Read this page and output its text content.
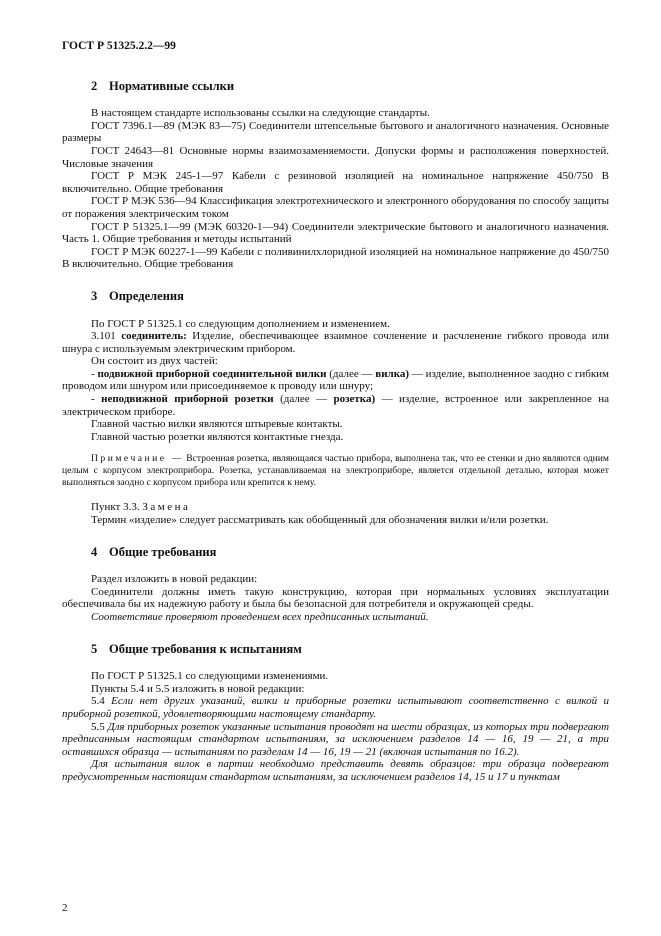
ГОСТ Р 51325.2.2—99
2 Нормативные ссылки

В настоящем стандарте использованы ссылки на следующие стандарты.

ГОСТ 7396.1—89 (МЭК 83—75) Соединители штепсельные бытового и аналогичного назначения. Основные размеры

ГОСТ 24643—81 Основные нормы взаимозаменяемости. Допуски формы и расположения поверхностей. Числовые значения

ГОСТ Р МЭК 245-1—97 Кабели с резиновой изоляцией на номинальное напряжение 450/750 В включительно. Общие требования

ГОСТ Р МЭК 536—94 Классификация электротехнического и электронного оборудования по способу защиты от поражения электрическим током

ГОСТ Р 51325.1—99 (МЭК 60320-1—94) Соединители электрические бытового и аналогичного назначения. Часть 1. Общие требования и методы испытаний

ГОСТ Р МЭК 60227-1—99 Кабели с поливинилхлоридной изоляцией на номинальное напряжение до 450/750 В включительно. Общие требования

3 Определения

По ГОСТ Р 51325.1 со следующим дополнением и изменением.

3.101 соединитель: Изделие, обеспечивающее взаимное сочленение и расчленение гибкого провода или шнура с используемым электрическим прибором.

Он состоит из двух частей:

- подвижной приборной соединительной вилки (далее — вилка) — изделие, выполненное заодно с гибким проводом или шнуром или присоединяемое к проводу или шнуру;

- неподвижной приборной розетки (далее — розетка) — изделие, встроенное или закрепленное на электрическом приборе.

Главной частью вилки являются штыревые контакты.

Главной частью розетки являются контактные гнезда.

Примечание — Встроенная розетка, являющаяся частью прибора, выполнена так, что ее стенки и дно являются одним целым с корпусом электроприбора. Розетка, устанавливаемая на электроприборе, является отдельной деталью, которая может выполняться заодно с корпусом прибора или крепится к нему.

Пункт 3.3. Замена

Термин «изделие» следует рассматривать как обобщенный для обозначения вилки и/или розетки.

4 Общие требования

Раздел изложить в новой редакции:

Соединители должны иметь такую конструкцию, которая при нормальных условиях эксплуатации обеспечивала бы их надежную работу и была бы безопасной для потребителя и окружающей среды.

Соответствие проверяют проведением всех предписанных испытаний.

5 Общие требования к испытаниям

По ГОСТ Р 51325.1 со следующими изменениями.

Пункты 5.4 и 5.5 изложить в новой редакции:

5.4 Если нет других указаний, вилки и приборные розетки испытывают соответственно с вилкой и приборной розеткой, удовлетворяющими настоящему стандарту.

5.5 Для приборных розеток указанные испытания проводят на шести образцах, из которых три подвергают предписанным настоящим стандартом испытаниям, за исключением разделов 14 — 16, 19 — 21, а три оставшихся образца — испытаниям по разделам 14 — 16, 19 — 21 (включая испытания по 16.2).

Для испытания вилок в партии необходимо представить девять образцов: три образца подвергают предусмотренным настоящим стандартом испытаниям, за исключением разделов 14, 15 и 17 и пунктам

2
